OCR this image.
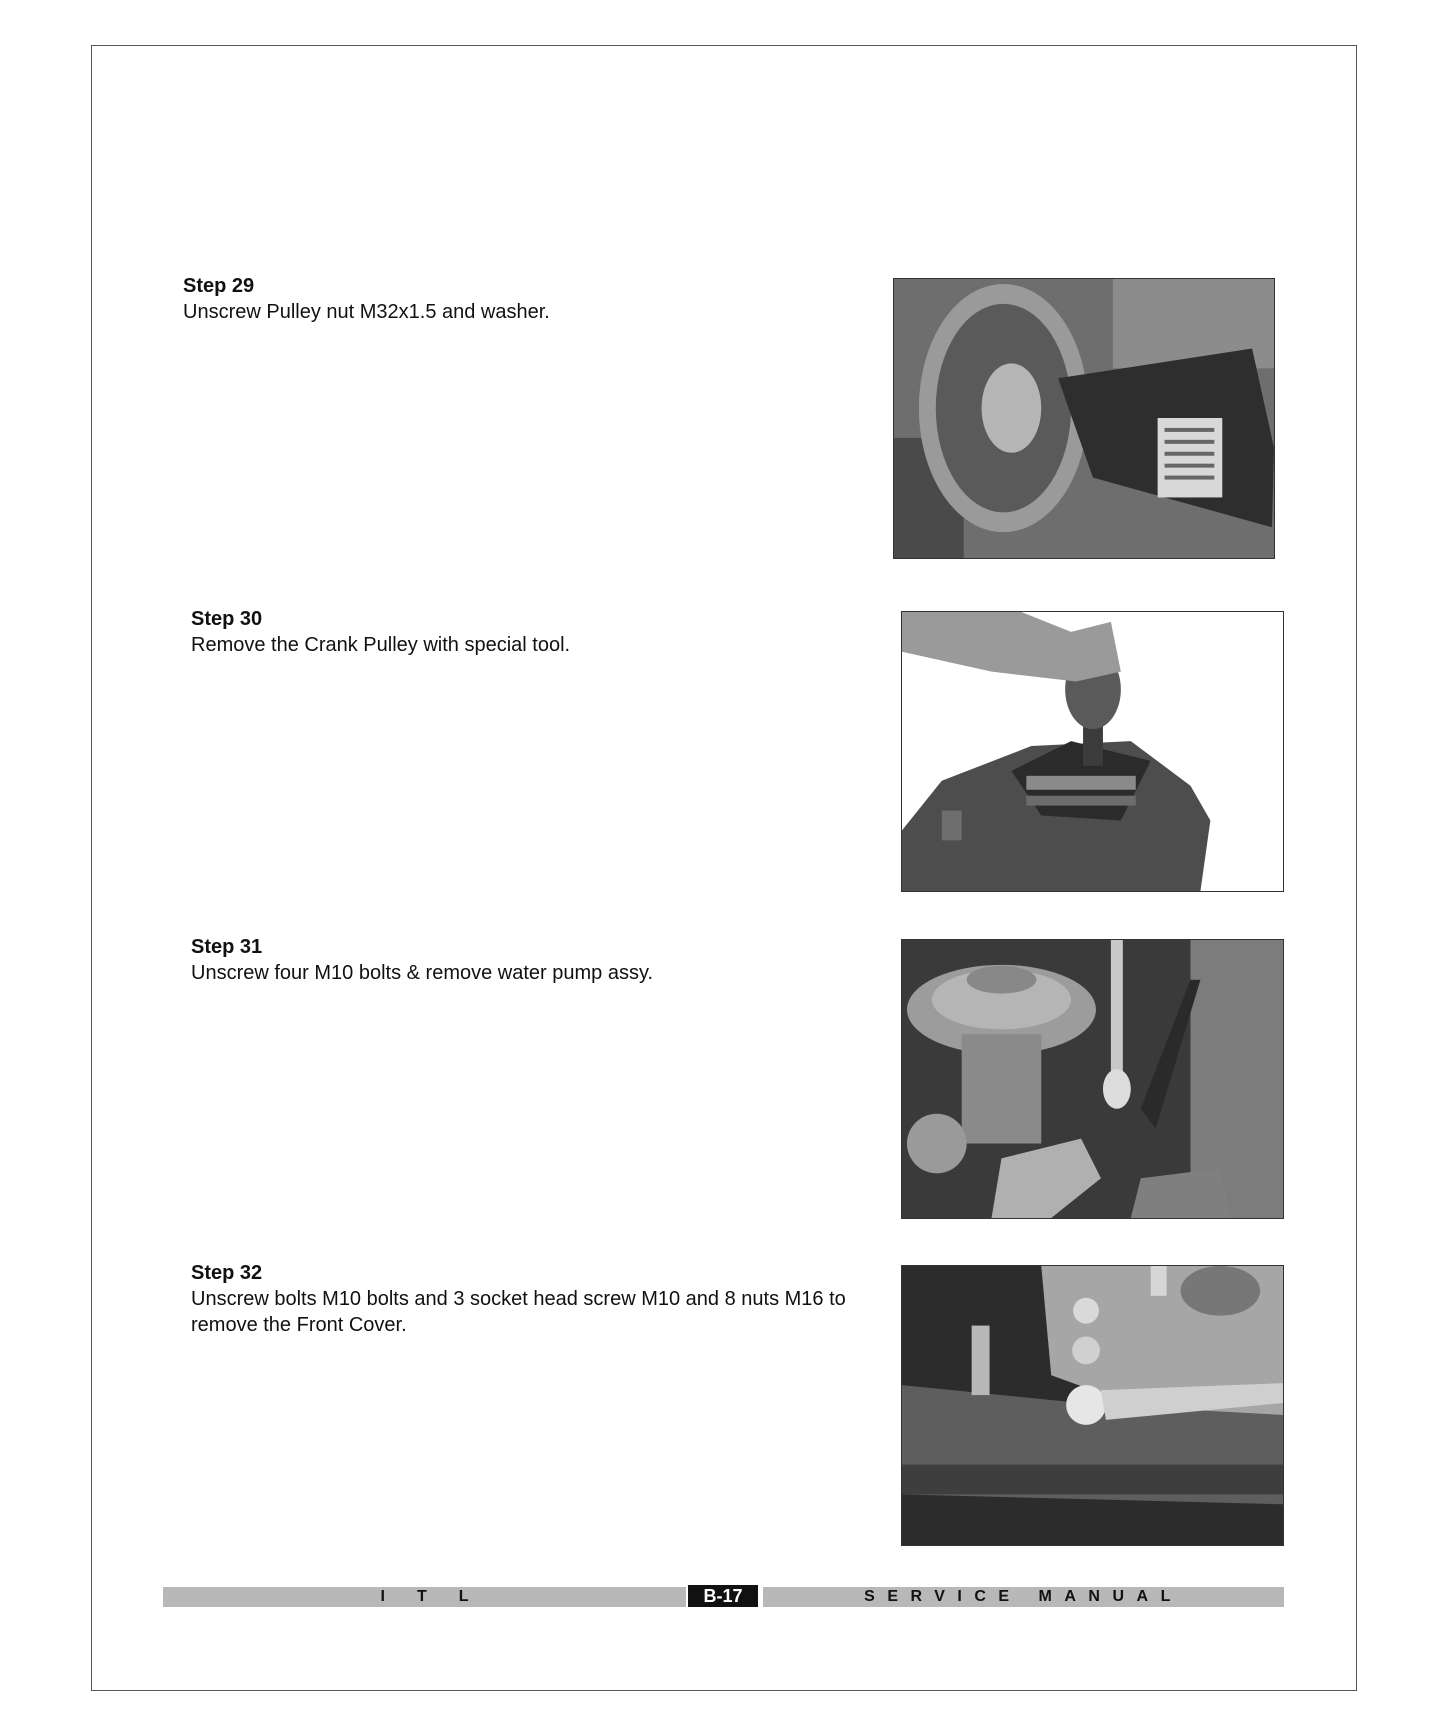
Step 29
Unscrew Pulley nut M32x1.5 and washer.
Step 30
Remove the Crank Pulley with special tool.
Step 31
Unscrew four M10 bolts & remove water pump assy.
Step 32
Unscrew bolts M10 bolts and 3 socket head screw M10 and 8 nuts M16 to remove the Front Cover.
ITL	B-17	SERVICE MANUAL
